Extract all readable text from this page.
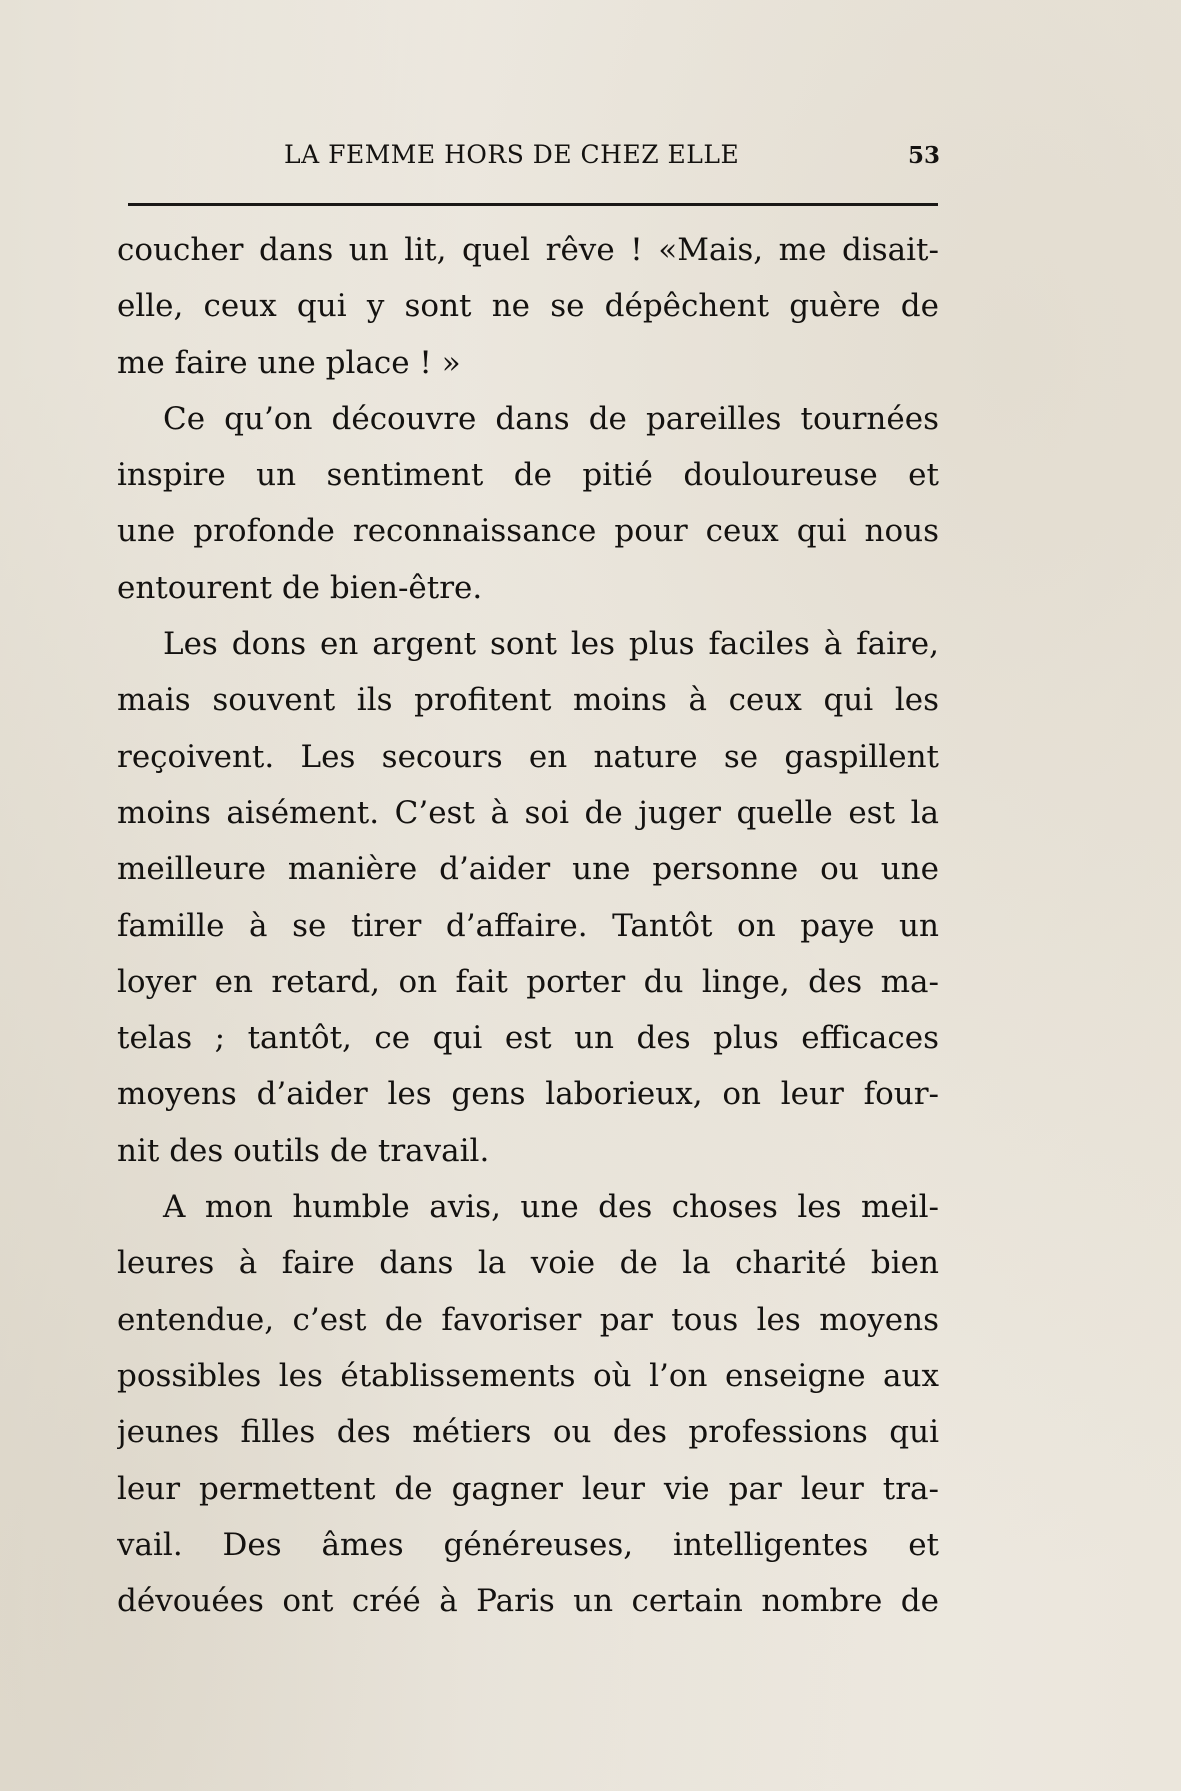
LA FEMME HORS DE CHEZ ELLE	53
coucher dans un lit, quel rêve ! «Mais, me disait-
elle, ceux qui y sont ne se dépêchent guère de
me faire une place ! »
Ce qu’on découvre dans de pareilles tournées
inspire un sentiment de pitié douloureuse et
une profonde reconnaissance pour ceux qui nous
entourent de bien-être.
Les dons en argent sont les plus faciles à faire,
mais souvent ils profitent moins à ceux qui les
reçoivent. Les secours en nature se gaspillent
moins aisément. C’est à soi de juger quelle est la
meilleure manière d’aider une personne ou une
famille à se tirer d’affaire. Tantôt on paye un
loyer en retard, on fait porter du linge, des ma-
telas ; tantôt, ce qui est un des plus efficaces
moyens d’aider les gens laborieux, on leur four-
nit des outils de travail.
A mon humble avis, une des choses les meil-
leures à faire dans la voie de la charité bien
entendue, c’est de favoriser par tous les moyens
possibles les établissements où l’on enseigne aux
jeunes filles des métiers ou des professions qui
leur permettent de gagner leur vie par leur tra-
vail. Des âmes généreuses, intelligentes et
dévouées ont créé à Paris un certain nombre de
